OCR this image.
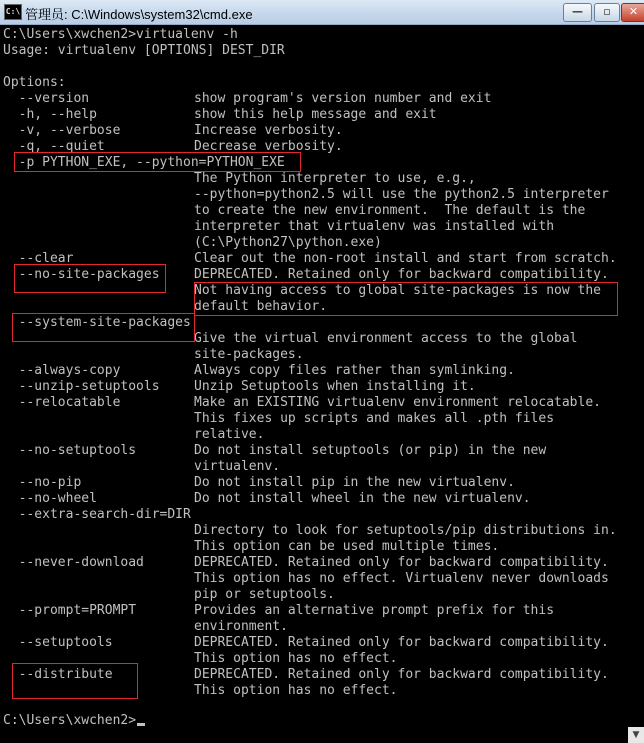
C:\ 管理员: C:\Windows\system32\cmd.exe	—	▫	✕
C:\Users\xwchen2>virtualenv -h
Usage: virtualenv [OPTIONS] DEST_DIR
Options:
--version	show program's version number and exit
-h, --help	show this help message and exit
-v, --verbose	Increase verbosity.
-q, --quiet	Decrease verbosity.
-p PYTHON_EXE, --python=PYTHON_EXE
The Python interpreter to use, e.g.,
--python=python2.5 will use the python2.5 interpreter
to create the new environment.  The default is the
interpreter that virtualenv was installed with
(C:\Python27\python.exe)
--clear	Clear out the non-root install and start from scratch.
--no-site-packages	DEPRECATED. Retained only for backward compatibility.
Not having access to global site-packages is now the
default behavior.
--system-site-packages
Give the virtual environment access to the global
site-packages.
--always-copy	Always copy files rather than symlinking.
--unzip-setuptools	Unzip Setuptools when installing it.
--relocatable	Make an EXISTING virtualenv environment relocatable.
This fixes up scripts and makes all .pth files
relative.
--no-setuptools	Do not install setuptools (or pip) in the new
virtualenv.
--no-pip	Do not install pip in the new virtualenv.
--no-wheel	Do not install wheel in the new virtualenv.
--extra-search-dir=DIR
Directory to look for setuptools/pip distributions in.
This option can be used multiple times.
--never-download	DEPRECATED. Retained only for backward compatibility.
This option has no effect. Virtualenv never downloads
pip or setuptools.
--prompt=PROMPT	Provides an alternative prompt prefix for this
environment.
--setuptools	DEPRECATED. Retained only for backward compatibility.
This option has no effect.
--distribute	DEPRECATED. Retained only for backward compatibility.
This option has no effect.
C:\Users\xwchen2>
▼
